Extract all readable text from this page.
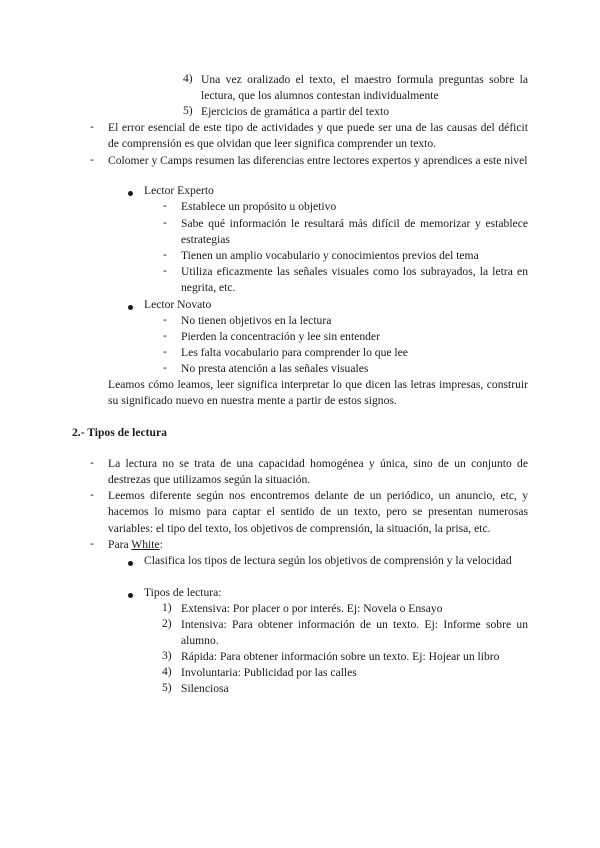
4) Una vez oralizado el texto, el maestro formula preguntas sobre la lectura, que los alumnos contestan individualmente
5) Ejercicios de gramática a partir del texto
- El error esencial de este tipo de actividades y que puede ser una de las causas del déficit de comprensión es que olvidan que leer significa comprender un texto.
- Colomer y Camps resumen las diferencias entre lectores expertos y aprendices a este nivel
Lector Experto
- Establece un propósito u objetivo
- Sabe qué información le resultará más difícil de memorizar y establece estrategias
- Tienen un amplio vocabulario y conocimientos previos del tema
- Utiliza eficazmente las señales visuales como los subrayados, la letra en negrita, etc.
Lector Novato
- No tienen objetivos en la lectura
- Pierden la concentración y lee sin entender
- Les falta vocabulario para comprender lo que lee
- No presta atención a las señales visuales
Leamos cómo leamos, leer significa interpretar lo que dicen las letras impresas, construir su significado nuevo en nuestra mente a partir de estos signos.
2.- Tipos de lectura
- La lectura no se trata de una capacidad homogénea y única, sino de un conjunto de destrezas que utilizamos según la situación.
- Leemos diferente según nos encontremos delante de un periódico, un anuncio, etc, y hacemos lo mismo para captar el sentido de un texto, pero se presentan numerosas variables: el tipo del texto, los objetivos de comprensión, la situación, la prisa, etc.
- Para White:
Clasifica los tipos de lectura según los objetivos de comprensión y la velocidad
Tipos de lectura:
1) Extensiva: Por placer o por interés. Ej: Novela o Ensayo
2) Intensiva: Para obtener información de un texto. Ej: Informe sobre un alumno.
3) Rápida: Para obtener información sobre un texto. Ej: Hojear un libro
4) Involuntaria: Publicidad por las calles
5) Silenciosa
